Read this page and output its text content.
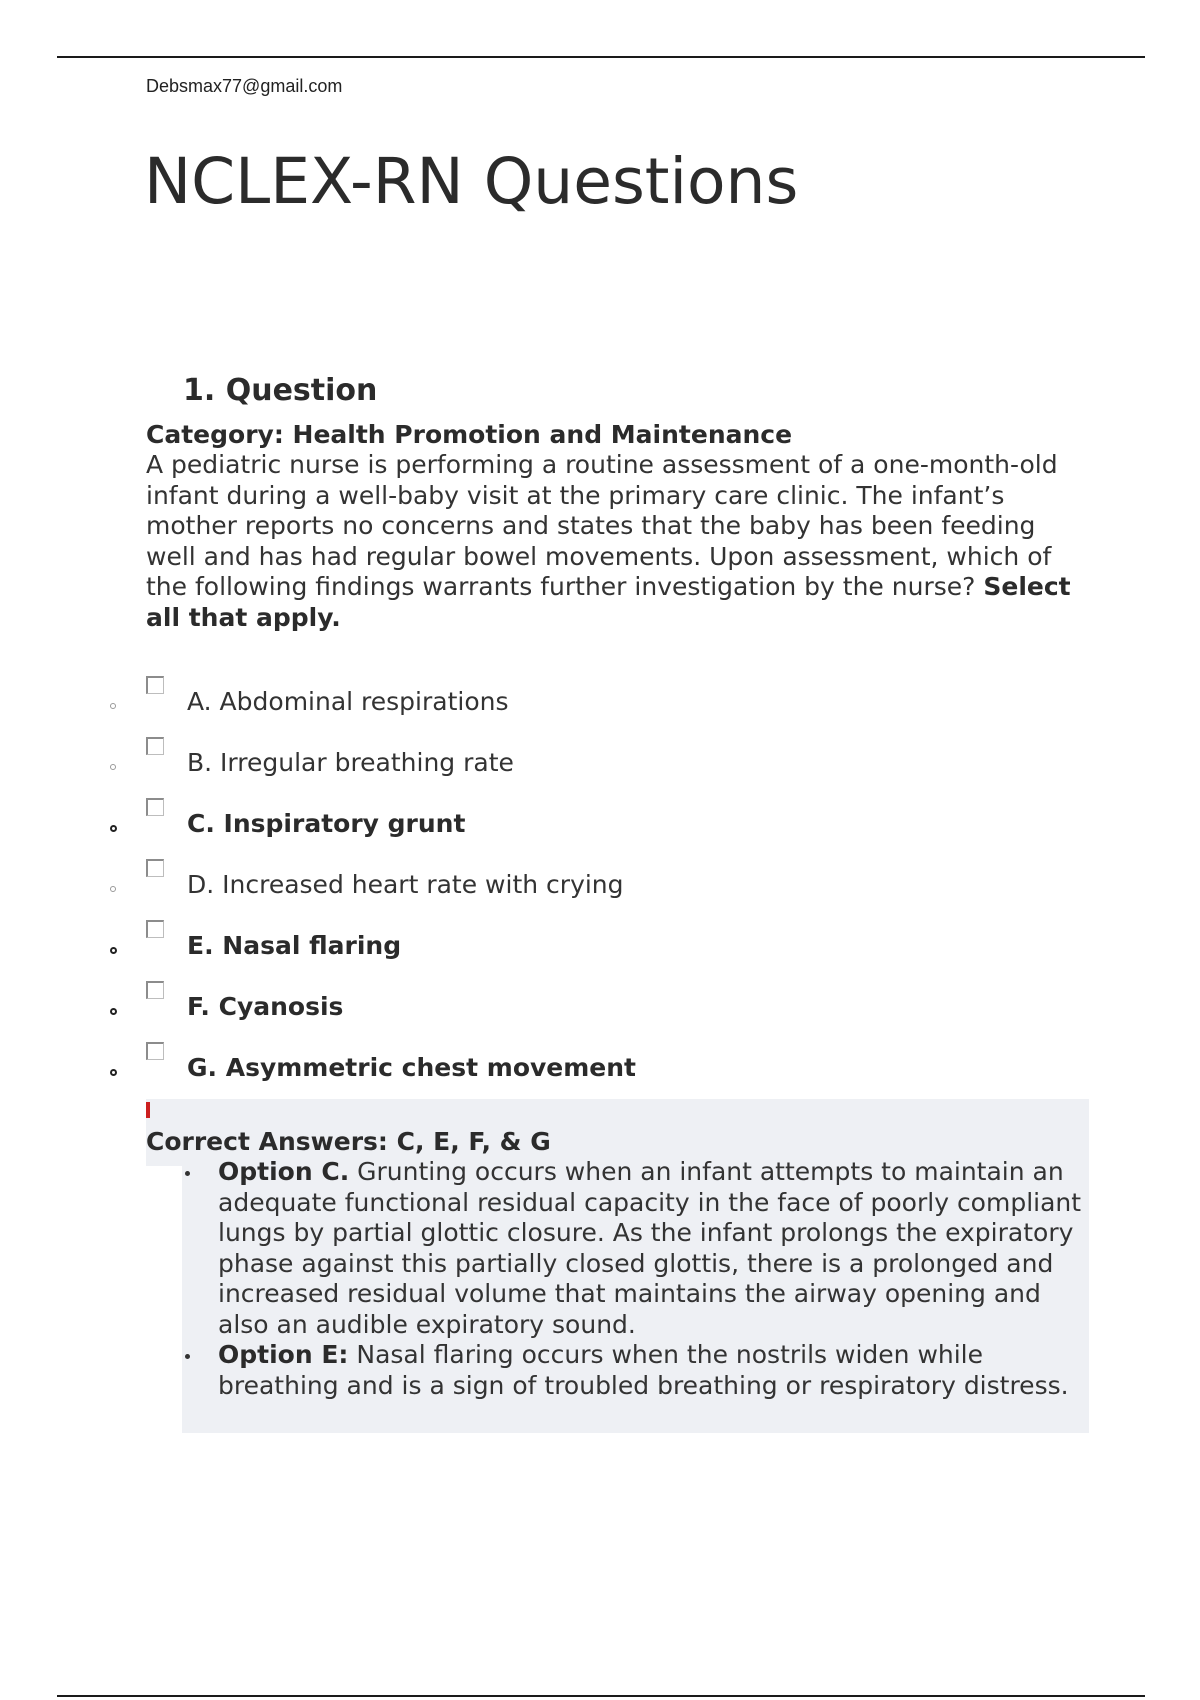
Debsmax77@gmail.com
NCLEX-RN Questions
1. Question
Category: Health Promotion and Maintenance
A pediatric nurse is performing a routine assessment of a one-month-old infant during a well-baby visit at the primary care clinic. The infant’s mother reports no concerns and states that the baby has been feeding well and has had regular bowel movements. Upon assessment, which of the following findings warrants further investigation by the nurse? Select all that apply.
A. Abdominal respirations
B. Irregular breathing rate
C. Inspiratory grunt
D. Increased heart rate with crying
E. Nasal flaring
F. Cyanosis
G. Asymmetric chest movement
Correct Answers: C, E, F, & G
Option C. Grunting occurs when an infant attempts to maintain an adequate functional residual capacity in the face of poorly compliant lungs by partial glottic closure. As the infant prolongs the expiratory phase against this partially closed glottis, there is a prolonged and increased residual volume that maintains the airway opening and also an audible expiratory sound.
Option E: Nasal flaring occurs when the nostrils widen while breathing and is a sign of troubled breathing or respiratory distress.
